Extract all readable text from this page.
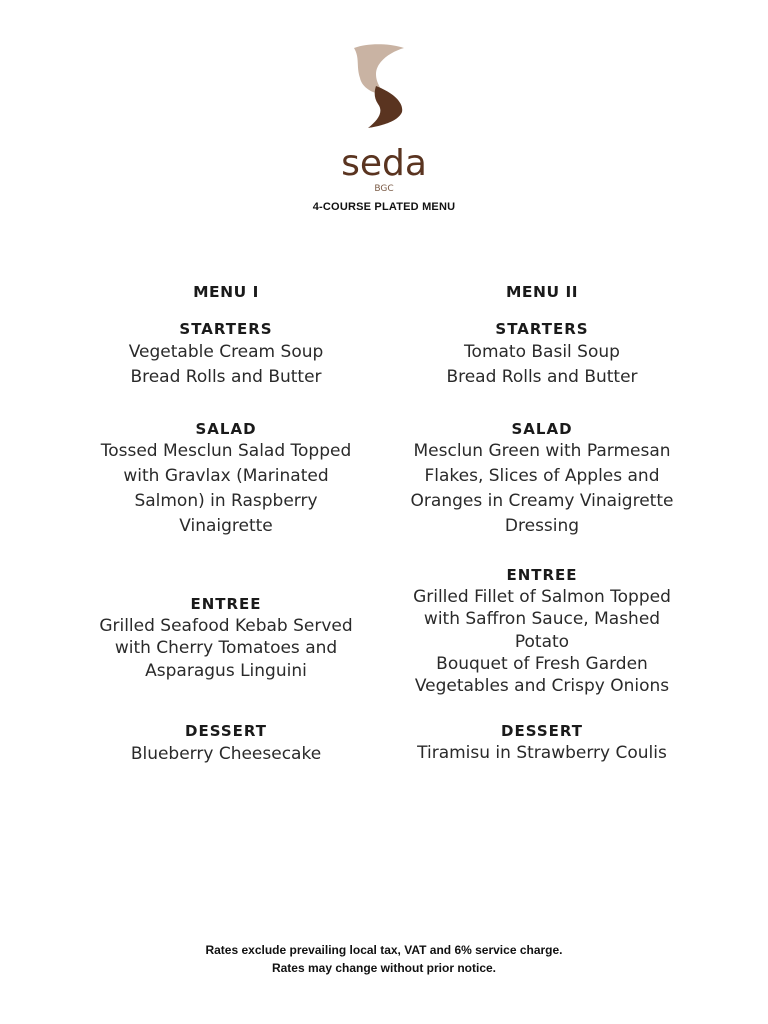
seda
BGC
4-COURSE PLATED MENU
MENU I
STARTERS
Vegetable Cream Soup
Bread Rolls and Butter
SALAD
Tossed Mesclun Salad Topped
with Gravlax (Marinated
Salmon) in Raspberry
Vinaigrette
ENTREE
Grilled Seafood Kebab Served
with Cherry Tomatoes and
Asparagus Linguini
DESSERT
Blueberry Cheesecake
MENU II
STARTERS
Tomato Basil Soup
Bread Rolls and Butter
SALAD
Mesclun Green with Parmesan
Flakes, Slices of Apples and
Oranges in Creamy Vinaigrette
Dressing
ENTREE
Grilled Fillet of Salmon Topped
with Saffron Sauce, Mashed
Potato
Bouquet of Fresh Garden
Vegetables and Crispy Onions
DESSERT
Tiramisu in Strawberry Coulis
Rates exclude prevailing local tax, VAT and 6% service charge.
Rates may change without prior notice.
